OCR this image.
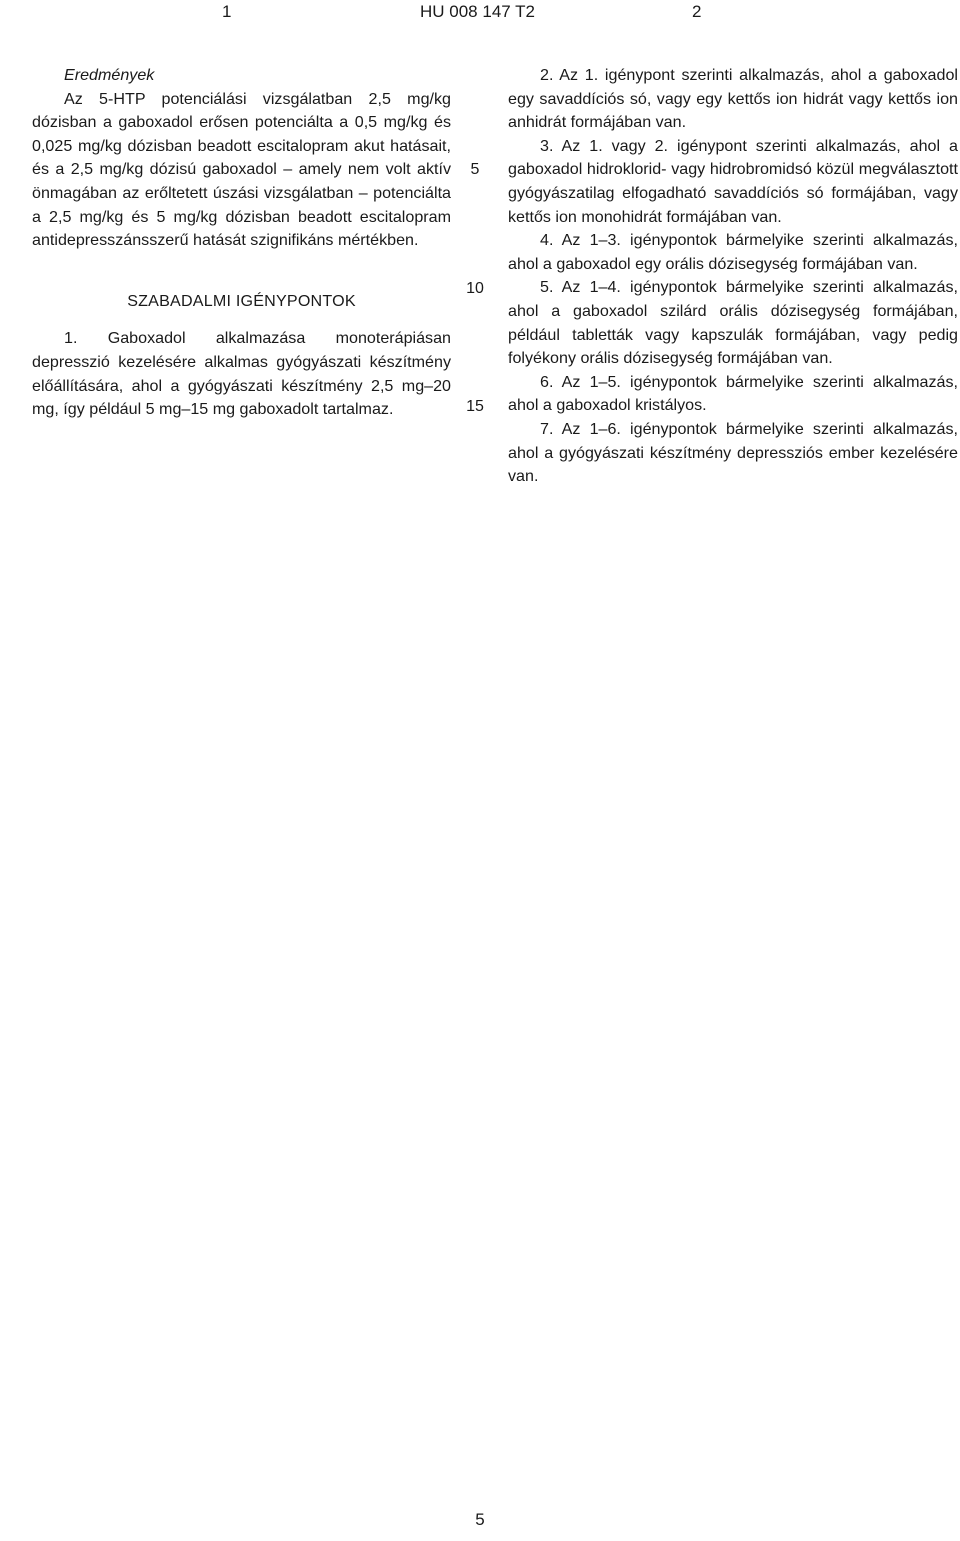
1	HU 008 147 T2	2

Eredmények

Az 5-HTP potenciálási vizsgálatban 2,5 mg/kg dózisban a gaboxadol erősen potenciálta a 0,5 mg/kg és 0,025 mg/kg dózisban beadott escitalopram akut hatásait, és a 2,5 mg/kg dózisú gaboxadol – amely nem volt aktív önmagában az erőltetett úszási vizsgálatban – potenciálta a 2,5 mg/kg és 5 mg/kg dózisban beadott escitalopram antidepresszánsszerű hatását szignifikáns mértékben.

SZABADALMI IGÉNYPONTOK

1. Gaboxadol alkalmazása monoterápiásan depresszió kezelésére alkalmas gyógyászati készítmény előállítására, ahol a gyógyászati készítmény 2,5 mg–20 mg, így például 5 mg–15 mg gaboxadolt tartalmaz.

5
10
15

2. Az 1. igénypont szerinti alkalmazás, ahol a gaboxadol egy savaddíciós só, vagy egy kettős ion hidrát vagy kettős ion anhidrát formájában van.

3. Az 1. vagy 2. igénypont szerinti alkalmazás, ahol a gaboxadol hidroklorid- vagy hidrobromidsó közül megválasztott gyógyászatilag elfogadható savaddíciós só formájában, vagy kettős ion monohidrát formájában van.

4. Az 1–3. igénypontok bármelyike szerinti alkalmazás, ahol a gaboxadol egy orális dózisegység formájában van.

5. Az 1–4. igénypontok bármelyike szerinti alkalmazás, ahol a gaboxadol szilárd orális dózisegység formájában, például tabletták vagy kapszulák formájában, vagy pedig folyékony orális dózisegység formájában van.

6. Az 1–5. igénypontok bármelyike szerinti alkalmazás, ahol a gaboxadol kristályos.

7. Az 1–6. igénypontok bármelyike szerinti alkalmazás, ahol a gyógyászati készítmény depressziós ember kezelésére van.

5
